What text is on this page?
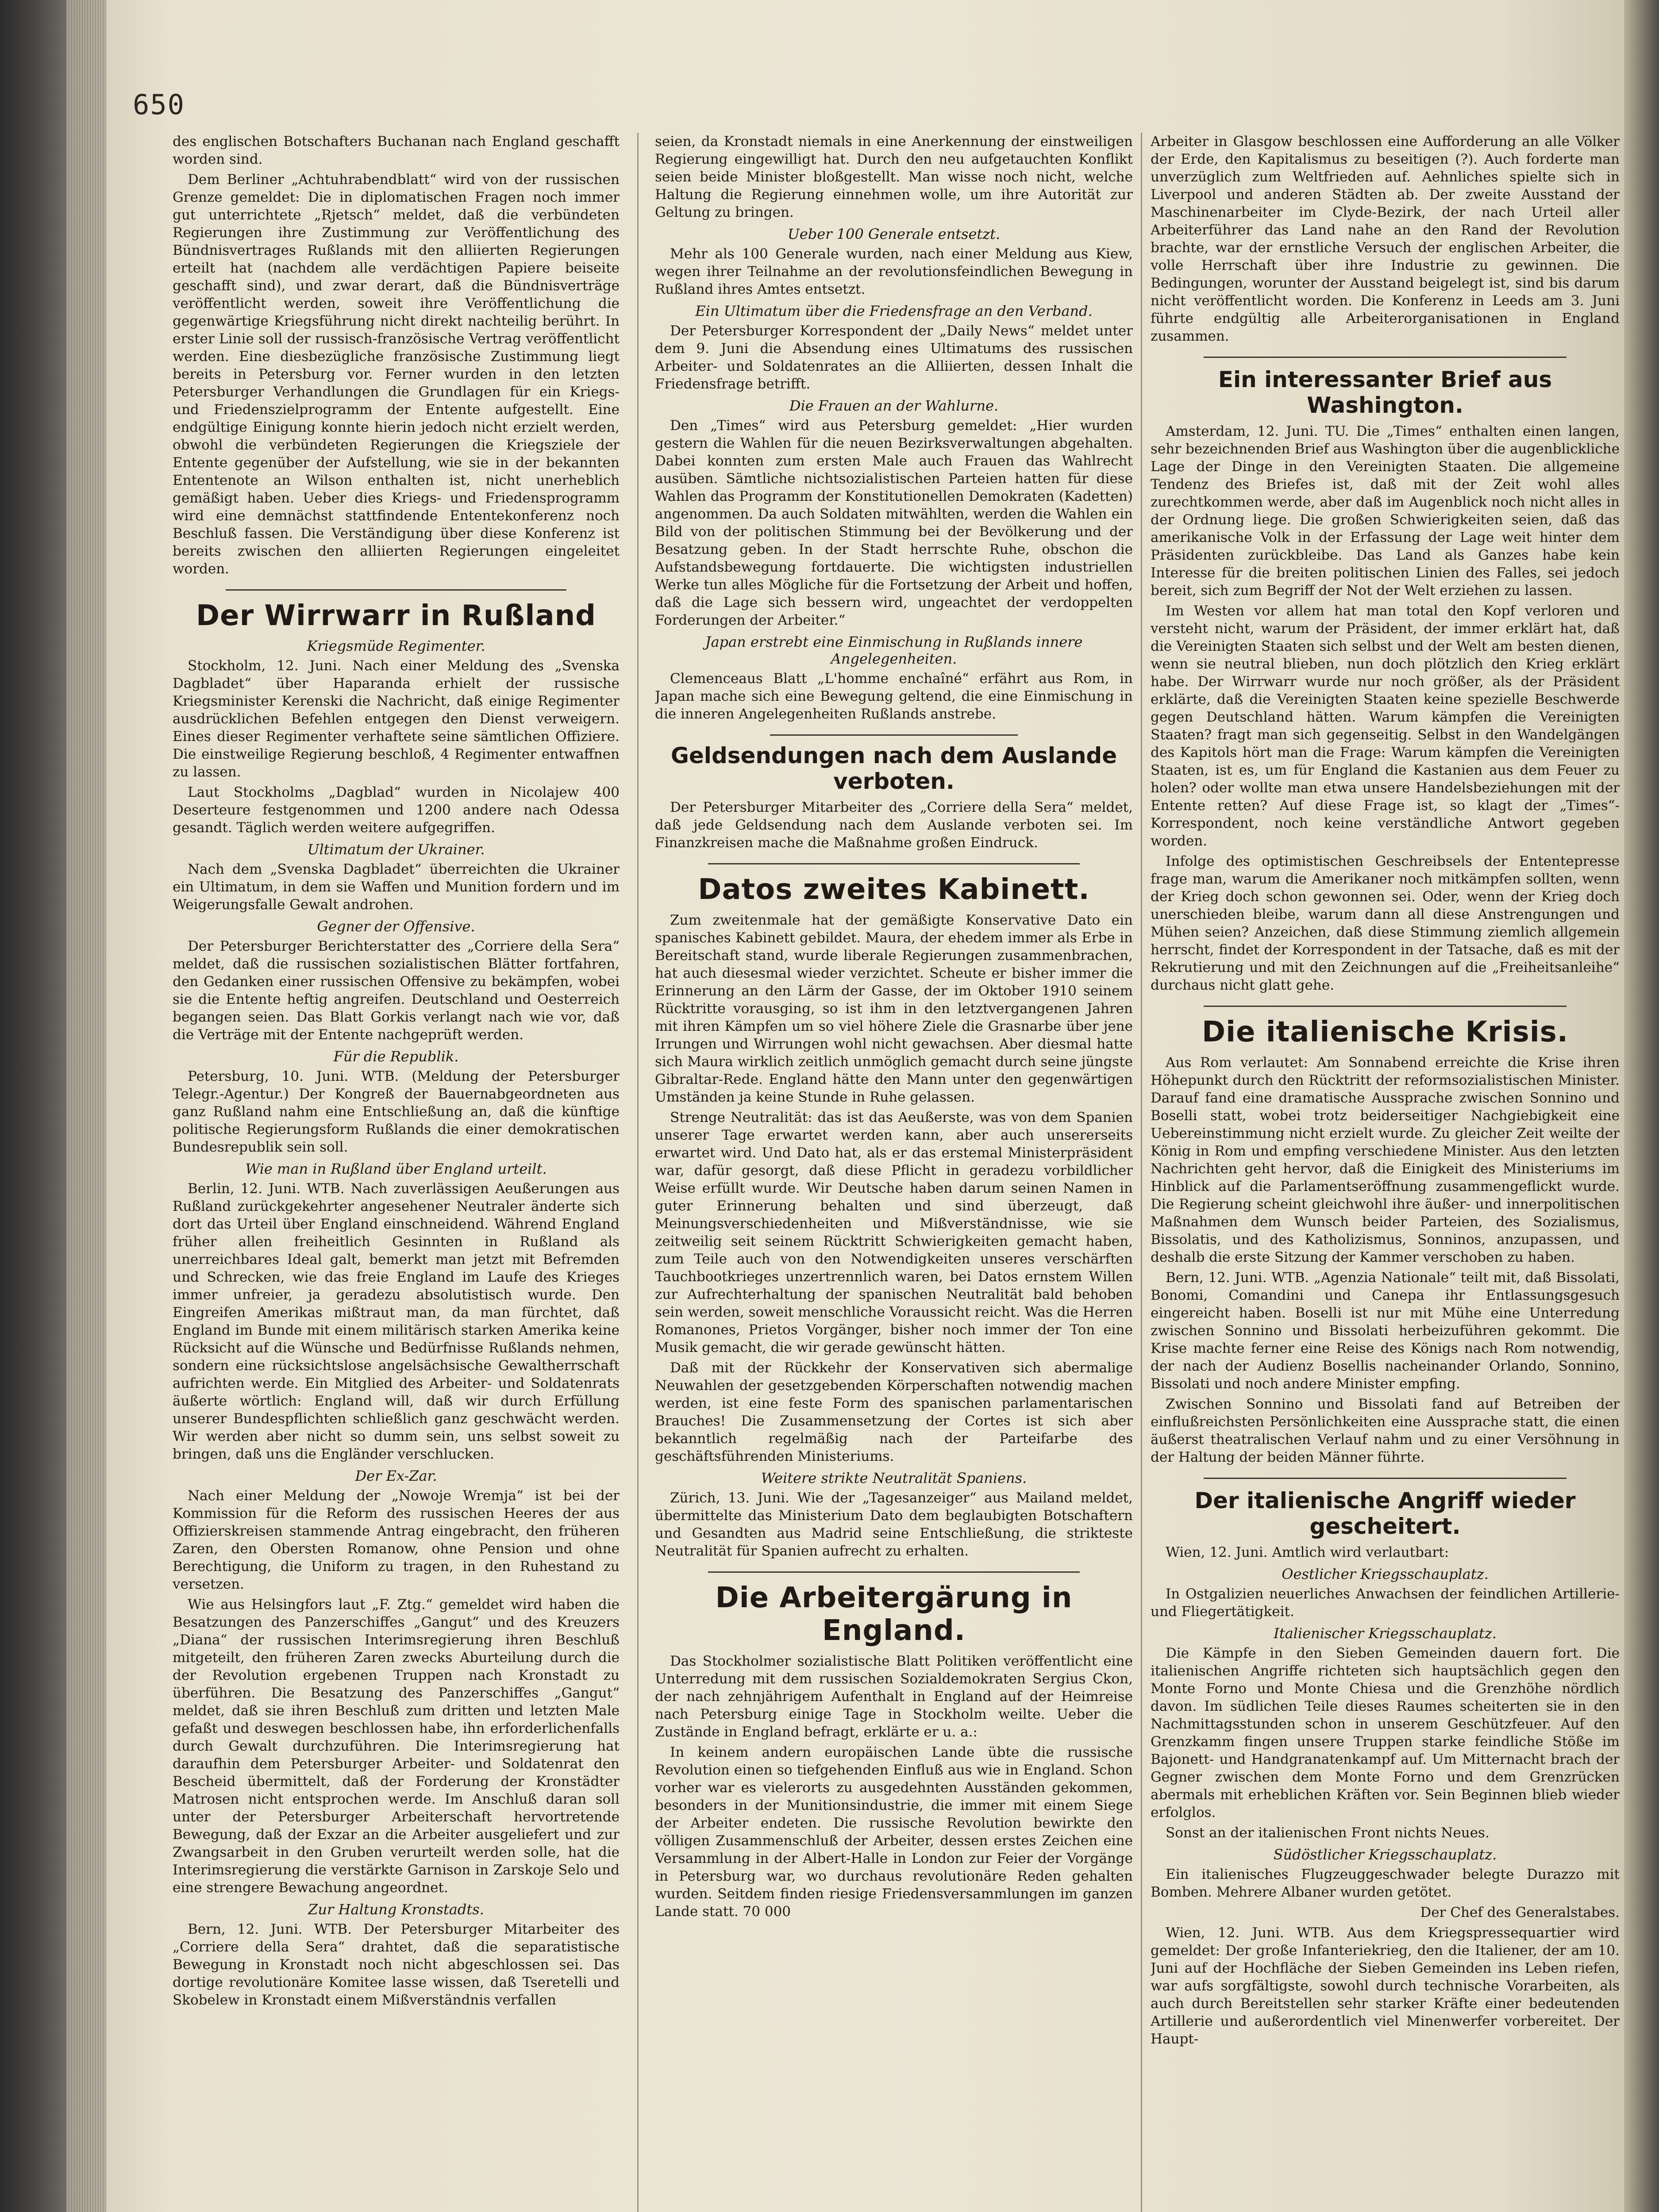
650

des englischen Botschafters Buchanan nach England geschafft worden sind.

Dem Berliner „Achtuhrabendblatt“ wird von der russischen Grenze gemeldet: Die in diplomatischen Fragen noch immer gut unterrichtete „Rjetsch“ meldet, daß die verbündeten Regierungen ihre Zustimmung zur Veröffentlichung des Bündnisvertrages Rußlands mit den alliierten Regierungen erteilt hat (nachdem alle verdächtigen Papiere beiseite geschafft sind), und zwar derart, daß die Bündnisverträge veröffentlicht werden, soweit ihre Veröffentlichung die gegenwärtige Kriegsführung nicht direkt nachteilig berührt. In erster Linie soll der russisch-französische Vertrag veröffentlicht werden. Eine diesbezügliche französische Zustimmung liegt bereits in Petersburg vor. Ferner wurden in den letzten Petersburger Verhandlungen die Grundlagen für ein Kriegs- und Friedenszielprogramm der Entente aufgestellt. Eine endgültige Einigung konnte hierin jedoch nicht erzielt werden, obwohl die verbündeten Regierungen die Kriegsziele der Entente gegenüber der Aufstellung, wie sie in der bekannten Ententenote an Wilson enthalten ist, nicht unerheblich gemäßigt haben. Ueber dies Kriegs- und Friedensprogramm wird eine demnächst stattfindende Ententekonferenz noch Beschluß fassen. Die Verständigung über diese Konferenz ist bereits zwischen den alliierten Regierungen eingeleitet worden.

Der Wirrwarr in Rußland
Kriegsmüde Regimenter.

Stockholm, 12. Juni. Nach einer Meldung des „Svenska Dagbladet“ über Haparanda erhielt der russische Kriegsminister Kerenski die Nachricht, daß einige Regimenter ausdrücklichen Befehlen entgegen den Dienst verweigern. Eines dieser Regimenter verhaftete seine sämtlichen Offiziere. Die einstweilige Regierung beschloß, 4 Regimenter entwaffnen zu lassen.

Laut Stockholms „Dagblad“ wurden in Nicolajew 400 Deserteure festgenommen und 1200 andere nach Odessa gesandt. Täglich werden weitere aufgegriffen.

Ultimatum der Ukrainer.

Nach dem „Svenska Dagbladet“ überreichten die Ukrainer ein Ultimatum, in dem sie Waffen und Munition fordern und im Weigerungsfalle Gewalt androhen.

Gegner der Offensive.

Der Petersburger Berichterstatter des „Corriere della Sera“ meldet, daß die russischen sozialistischen Blätter fortfahren, den Gedanken einer russischen Offensive zu bekämpfen, wobei sie die Entente heftig angreifen. Deutschland und Oesterreich begangen seien. Das Blatt Gorkis verlangt nach wie vor, daß die Verträge mit der Entente nachgeprüft werden.

Für die Republik.

Petersburg, 10. Juni. WTB. (Meldung der Petersburger Telegr.-Agentur.) Der Kongreß der Bauernabgeordneten aus ganz Rußland nahm eine Entschließung an, daß die künftige politische Regierungsform Rußlands die einer demokratischen Bundesrepublik sein soll.

Wie man in Rußland über England urteilt.

Berlin, 12. Juni. WTB. Nach zuverlässigen Aeußerungen aus Rußland zurückgekehrter angesehener Neutraler änderte sich dort das Urteil über England einschneidend. Während England früher allen freiheitlich Gesinnten in Rußland als unerreichbares Ideal galt, bemerkt man jetzt mit Befremden und Schrecken, wie das freie England im Laufe des Krieges immer unfreier, ja geradezu absolutistisch wurde. Den Eingreifen Amerikas mißtraut man, da man fürchtet, daß England im Bunde mit einem militärisch starken Amerika keine Rücksicht auf die Wünsche und Bedürfnisse Rußlands nehmen, sondern eine rücksichtslose angelsächsische Gewaltherrschaft aufrichten werde. Ein Mitglied des Arbeiter- und Soldatenrats äußerte wörtlich: England will, daß wir durch Erfüllung unserer Bundespflichten schließlich ganz geschwächt werden. Wir werden aber nicht so dumm sein, uns selbst soweit zu bringen, daß uns die Engländer verschlucken.

Der Ex-Zar.

Nach einer Meldung der „Nowoje Wremja“ ist bei der Kommission für die Reform des russischen Heeres der aus Offizierskreisen stammende Antrag eingebracht, den früheren Zaren, den Obersten Romanow, ohne Pension und ohne Berechtigung, die Uniform zu tragen, in den Ruhestand zu versetzen.

Wie aus Helsingfors laut „F. Ztg.“ gemeldet wird haben die Besatzungen des Panzerschiffes „Gangut“ und des Kreuzers „Diana“ der russischen Interimsregierung ihren Beschluß mitgeteilt, den früheren Zaren zwecks Aburteilung durch die der Revolution ergebenen Truppen nach Kronstadt zu überführen. Die Besatzung des Panzerschiffes „Gangut“ meldet, daß sie ihren Beschluß zum dritten und letzten Male gefaßt und deswegen beschlossen habe, ihn erforderlichenfalls durch Gewalt durchzuführen. Die Interimsregierung hat daraufhin dem Petersburger Arbeiter- und Soldatenrat den Bescheid übermittelt, daß der Forderung der Kronstädter Matrosen nicht entsprochen werde. Im Anschluß daran soll unter der Petersburger Arbeiterschaft hervortretende Bewegung, daß der Exzar an die Arbeiter ausgeliefert und zur Zwangsarbeit in den Gruben verurteilt werden solle, hat die Interimsregierung die verstärkte Garnison in Zarskoje Selo und eine strengere Bewachung angeordnet.

Zur Haltung Kronstadts.

Bern, 12. Juni. WTB. Der Petersburger Mitarbeiter des „Corriere della Sera“ drahtet, daß die separatistische Bewegung in Kronstadt noch nicht abgeschlossen sei. Das dortige revolutionäre Komitee lasse wissen, daß Tseretelli und Skobelew in Kronstadt einem Mißverständnis verfallen

seien, da Kronstadt niemals in eine Anerkennung der einstweiligen Regierung eingewilligt hat. Durch den neu aufgetauchten Konflikt seien beide Minister bloßgestellt. Man wisse noch nicht, welche Haltung die Regierung einnehmen wolle, um ihre Autorität zur Geltung zu bringen.

Ueber 100 Generale entsetzt.

Mehr als 100 Generale wurden, nach einer Meldung aus Kiew, wegen ihrer Teilnahme an der revolutionsfeindlichen Bewegung in Rußland ihres Amtes entsetzt.

Ein Ultimatum über die Friedensfrage an den Verband.

Der Petersburger Korrespondent der „Daily News“ meldet unter dem 9. Juni die Absendung eines Ultimatums des russischen Arbeiter- und Soldatenrates an die Alliierten, dessen Inhalt die Friedensfrage betrifft.

Die Frauen an der Wahlurne.

Den „Times“ wird aus Petersburg gemeldet: „Hier wurden gestern die Wahlen für die neuen Bezirksverwaltungen abgehalten. Dabei konnten zum ersten Male auch Frauen das Wahlrecht ausüben. Sämtliche nichtsozialistischen Parteien hatten für diese Wahlen das Programm der Konstitutionellen Demokraten (Kadetten) angenommen. Da auch Soldaten mitwählten, werden die Wahlen ein Bild von der politischen Stimmung bei der Bevölkerung und der Besatzung geben. In der Stadt herrschte Ruhe, obschon die Aufstandsbewegung fortdauerte. Die wichtigsten industriellen Werke tun alles Mögliche für die Fortsetzung der Arbeit und hoffen, daß die Lage sich bessern wird, ungeachtet der verdoppelten Forderungen der Arbeiter.“

Japan erstrebt eine Einmischung in Rußlands innere Angelegenheiten.

Clemenceaus Blatt „L'homme enchaîné“ erfährt aus Rom, in Japan mache sich eine Bewegung geltend, die eine Einmischung in die inneren Angelegenheiten Rußlands anstrebe.

Geldsendungen nach dem Auslande verboten.

Der Petersburger Mitarbeiter des „Corriere della Sera“ meldet, daß jede Geldsendung nach dem Auslande verboten sei. Im Finanzkreisen mache die Maßnahme großen Eindruck.

Datos zweites Kabinett.

Zum zweitenmale hat der gemäßigte Konservative Dato ein spanisches Kabinett gebildet. Maura, der ehedem immer als Erbe in Bereitschaft stand, wurde liberale Regierungen zusammenbrachen, hat auch diesesmal wieder verzichtet. Scheute er bisher immer die Erinnerung an den Lärm der Gasse, der im Oktober 1910 seinem Rücktritte vorausging, so ist ihm in den letztvergangenen Jahren mit ihren Kämpfen um so viel höhere Ziele die Grasnarbe über jene Irrungen und Wirrungen wohl nicht gewachsen. Aber diesmal hatte sich Maura wirklich zeitlich unmöglich gemacht durch seine jüngste Gibraltar-Rede. England hätte den Mann unter den gegenwärtigen Umständen ja keine Stunde in Ruhe gelassen.

Strenge Neutralität: das ist das Aeußerste, was von dem Spanien unserer Tage erwartet werden kann, aber auch unsererseits erwartet wird. Und Dato hat, als er das erstemal Ministerpräsident war, dafür gesorgt, daß diese Pflicht in geradezu vorbildlicher Weise erfüllt wurde. Wir Deutsche haben darum seinen Namen in guter Erinnerung behalten und sind überzeugt, daß Meinungsverschiedenheiten und Mißverständnisse, wie sie zeitweilig seit seinem Rücktritt Schwierigkeiten gemacht haben, zum Teile auch von den Notwendigkeiten unseres verschärften Tauchbootkrieges unzertrennlich waren, bei Datos ernstem Willen zur Aufrechterhaltung der spanischen Neutralität bald behoben sein werden, soweit menschliche Voraussicht reicht. Was die Herren Romanones, Prietos Vorgänger, bisher noch immer der Ton eine Musik gemacht, die wir gerade gewünscht hätten.

Daß mit der Rückkehr der Konservativen sich abermalige Neuwahlen der gesetzgebenden Körperschaften notwendig machen werden, ist eine feste Form des spanischen parlamentarischen Brauches! Die Zusammensetzung der Cortes ist sich aber bekanntlich regelmäßig nach der Parteifarbe des geschäftsführenden Ministeriums.

Weitere strikte Neutralität Spaniens.

Zürich, 13. Juni. Wie der „Tagesanzeiger“ aus Mailand meldet, übermittelte das Ministerium Dato dem beglaubigten Botschaftern und Gesandten aus Madrid seine Entschließung, die strikteste Neutralität für Spanien aufrecht zu erhalten.

Die Arbeitergärung in England.

Das Stockholmer sozialistische Blatt Politiken veröffentlicht eine Unterredung mit dem russischen Sozialdemokraten Sergius Ckon, der nach zehnjährigem Aufenthalt in England auf der Heimreise nach Petersburg einige Tage in Stockholm weilte. Ueber die Zustände in England befragt, erklärte er u. a.:

In keinem andern europäischen Lande übte die russische Revolution einen so tiefgehenden Einfluß aus wie in England. Schon vorher war es vielerorts zu ausgedehnten Ausständen gekommen, besonders in der Munitionsindustrie, die immer mit einem Siege der Arbeiter endeten. Die russische Revolution bewirkte den völligen Zusammenschluß der Arbeiter, dessen erstes Zeichen eine Versammlung in der Albert-Halle in London zur Feier der Vorgänge in Petersburg war, wo durchaus revolutionäre Reden gehalten wurden. Seitdem finden riesige Friedensversammlungen im ganzen Lande statt. 70 000

Arbeiter in Glasgow beschlossen eine Aufforderung an alle Völker der Erde, den Kapitalismus zu beseitigen (?). Auch forderte man unverzüglich zum Weltfrieden auf. Aehnliches spielte sich in Liverpool und anderen Städten ab. Der zweite Ausstand der Maschinenarbeiter im Clyde-Bezirk, der nach Urteil aller Arbeiterführer das Land nahe an den Rand der Revolution brachte, war der ernstliche Versuch der englischen Arbeiter, die volle Herrschaft über ihre Industrie zu gewinnen. Die Bedingungen, worunter der Ausstand beigelegt ist, sind bis darum nicht veröffentlicht worden. Die Konferenz in Leeds am 3. Juni führte endgültig alle Arbeiterorganisationen in England zusammen.

Ein interessanter Brief aus Washington.

Amsterdam, 12. Juni. TU. Die „Times“ enthalten einen langen, sehr bezeichnenden Brief aus Washington über die augenblickliche Lage der Dinge in den Vereinigten Staaten. Die allgemeine Tendenz des Briefes ist, daß mit der Zeit wohl alles zurechtkommen werde, aber daß im Augenblick noch nicht alles in der Ordnung liege. Die großen Schwierigkeiten seien, daß das amerikanische Volk in der Erfassung der Lage weit hinter dem Präsidenten zurückbleibe. Das Land als Ganzes habe kein Interesse für die breiten politischen Linien des Falles, sei jedoch bereit, sich zum Begriff der Not der Welt erziehen zu lassen.

Im Westen vor allem hat man total den Kopf verloren und versteht nicht, warum der Präsident, der immer erklärt hat, daß die Vereinigten Staaten sich selbst und der Welt am besten dienen, wenn sie neutral blieben, nun doch plötzlich den Krieg erklärt habe. Der Wirrwarr wurde nur noch größer, als der Präsident erklärte, daß die Vereinigten Staaten keine spezielle Beschwerde gegen Deutschland hätten. Warum kämpfen die Vereinigten Staaten? fragt man sich gegenseitig. Selbst in den Wandelgängen des Kapitols hört man die Frage: Warum kämpfen die Vereinigten Staaten, ist es, um für England die Kastanien aus dem Feuer zu holen? oder wollte man etwa unsere Handelsbeziehungen mit der Entente retten? Auf diese Frage ist, so klagt der „Times“-Korrespondent, noch keine verständliche Antwort gegeben worden.

Infolge des optimistischen Geschreibsels der Ententepresse frage man, warum die Amerikaner noch mitkämpfen sollten, wenn der Krieg doch schon gewonnen sei. Oder, wenn der Krieg doch unerschieden bleibe, warum dann all diese Anstrengungen und Mühen seien? Anzeichen, daß diese Stimmung ziemlich allgemein herrscht, findet der Korrespondent in der Tatsache, daß es mit der Rekrutierung und mit den Zeichnungen auf die „Freiheitsanleihe“ durchaus nicht glatt gehe.

Die italienische Krisis.

Aus Rom verlautet: Am Sonnabend erreichte die Krise ihren Höhepunkt durch den Rücktritt der reformsozialistischen Minister. Darauf fand eine dramatische Aussprache zwischen Sonnino und Boselli statt, wobei trotz beiderseitiger Nachgiebigkeit eine Uebereinstimmung nicht erzielt wurde. Zu gleicher Zeit weilte der König in Rom und empfing verschiedene Minister. Aus den letzten Nachrichten geht hervor, daß die Einigkeit des Ministeriums im Hinblick auf die Parlamentseröffnung zusammengeflickt wurde. Die Regierung scheint gleichwohl ihre äußer- und innerpolitischen Maßnahmen dem Wunsch beider Parteien, des Sozialismus, Bissolatis, und des Katholizismus, Sonninos, anzupassen, und deshalb die erste Sitzung der Kammer verschoben zu haben.

Bern, 12. Juni. WTB. „Agenzia Nationale“ teilt mit, daß Bissolati, Bonomi, Comandini und Canepa ihr Entlassungsgesuch eingereicht haben. Boselli ist nur mit Mühe eine Unterredung zwischen Sonnino und Bissolati herbeizuführen gekommt. Die Krise machte ferner eine Reise des Königs nach Rom notwendig, der nach der Audienz Bosellis nacheinander Orlando, Sonnino, Bissolati und noch andere Minister empfing.

Zwischen Sonnino und Bissolati fand auf Betreiben der einflußreichsten Persönlichkeiten eine Aussprache statt, die einen äußerst theatralischen Verlauf nahm und zu einer Versöhnung in der Haltung der beiden Männer führte.

Der italienische Angriff wieder gescheitert.

Wien, 12. Juni. Amtlich wird verlautbart:

Oestlicher Kriegsschauplatz.

In Ostgalizien neuerliches Anwachsen der feindlichen Artillerie- und Fliegertätigkeit.

Italienischer Kriegsschauplatz.

Die Kämpfe in den Sieben Gemeinden dauern fort. Die italienischen Angriffe richteten sich hauptsächlich gegen den Monte Forno und Monte Chiesa und die Grenzhöhe nördlich davon. Im südlichen Teile dieses Raumes scheiterten sie in den Nachmittagsstunden schon in unserem Geschützfeuer. Auf den Grenzkamm fingen unsere Truppen starke feindliche Stöße im Bajonett- und Handgranatenkampf auf. Um Mitternacht brach der Gegner zwischen dem Monte Forno und dem Grenzrücken abermals mit erheblichen Kräften vor. Sein Beginnen blieb wieder erfolglos.

Sonst an der italienischen Front nichts Neues.

Südöstlicher Kriegsschauplatz.

Ein italienisches Flugzeuggeschwader belegte Durazzo mit Bomben. Mehrere Albaner wurden getötet.

Der Chef des Generalstabes.

Wien, 12. Juni. WTB. Aus dem Kriegspressequartier wird gemeldet: Der große Infanteriekrieg, den die Italiener, der am 10. Juni auf der Hochfläche der Sieben Gemeinden ins Leben riefen, war aufs sorgfältigste, sowohl durch technische Vorarbeiten, als auch durch Bereitstellen sehr starker Kräfte einer bedeutenden Artillerie und außerordentlich viel Minenwerfer vorbereitet. Der Haupt-
